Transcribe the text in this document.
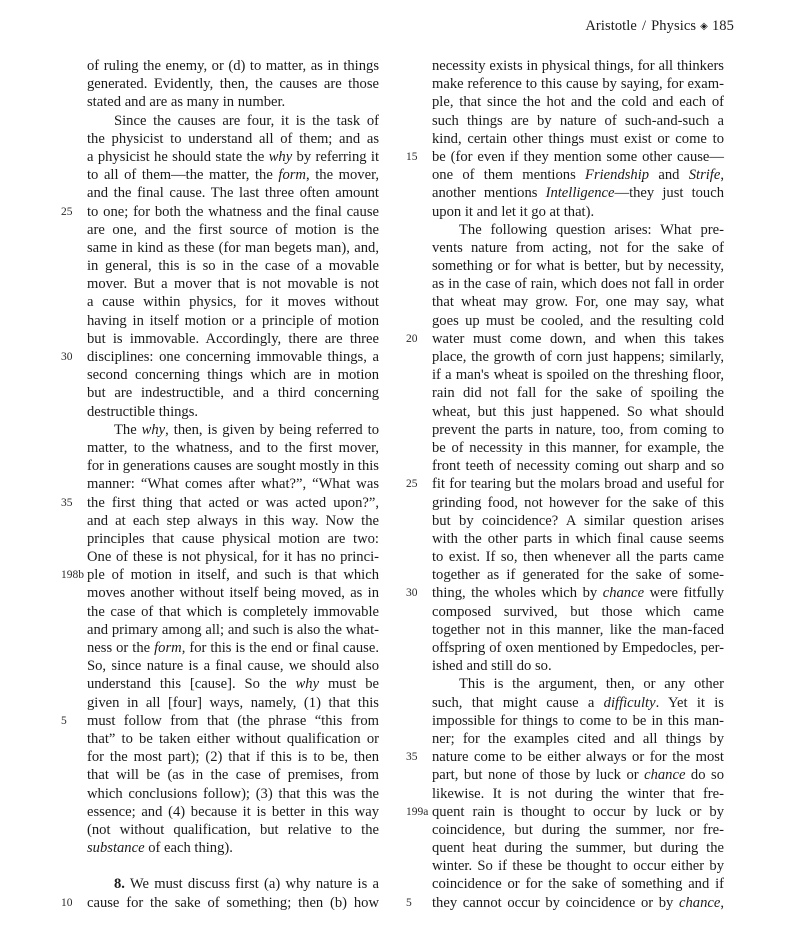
Aristotle / Physics ◈ 185
of ruling the enemy, or (d) to matter, as in things
generated. Evidently, then, the causes are those
stated and are as many in number.
Since the causes are four, it is the task of
the physicist to understand all of them; and as
a physicist he should state the why by referring it
to all of them—the matter, the form, the mover,
and the final cause. The last three often amount
25 to one; for both the whatness and the final cause
are one, and the first source of motion is the
same in kind as these (for man begets man), and,
in general, this is so in the case of a movable
mover. But a mover that is not movable is not
a cause within physics, for it moves without
having in itself motion or a principle of motion
but is immovable. Accordingly, there are three
30 disciplines: one concerning immovable things, a
second concerning things which are in motion
but are indestructible, and a third concerning
destructible things.
The why, then, is given by being referred to
matter, to the whatness, and to the first mover,
for in generations causes are sought mostly in this
manner: “What comes after what?”, “What was
35 the first thing that acted or was acted upon?”,
and at each step always in this way. Now the
principles that cause physical motion are two:
One of these is not physical, for it has no princi-
198b ple of motion in itself, and such is that which
moves another without itself being moved, as in
the case of that which is completely immovable
and primary among all; and such is also the what-
ness or the form, for this is the end or final cause.
So, since nature is a final cause, we should also
understand this [cause]. So the why must be
given in all [four] ways, namely, (1) that this
5	must follow from that (the phrase “this from
that” to be taken either without qualification or
for the most part); (2) that if this is to be, then
that will be (as in the case of premises, from
which conclusions follow); (3) that this was the
essence; and (4) because it is better in this way
(not without qualification, but relative to the
substance of each thing).
8. We must discuss first (a) why nature is a
10 cause for the sake of something; then (b) how
necessity exists in physical things, for all thinkers
make reference to this cause by saying, for exam-
ple, that since the hot and the cold and each of
such things are by nature of such-and-such a
kind, certain other things must exist or come to
15 be (for even if they mention some other cause—
one of them mentions Friendship and Strife,
another mentions Intelligence—they just touch
upon it and let it go at that).
The following question arises: What pre-
vents nature from acting, not for the sake of
something or for what is better, but by necessity,
as in the case of rain, which does not fall in order
that wheat may grow. For, one may say, what
goes up must be cooled, and the resulting cold
20 water must come down, and when this takes
place, the growth of corn just happens; similarly,
if a man's wheat is spoiled on the threshing floor,
rain did not fall for the sake of spoiling the
wheat, but this just happened. So what should
prevent the parts in nature, too, from coming to
be of necessity in this manner, for example, the
front teeth of necessity coming out sharp and so
25 fit for tearing but the molars broad and useful for
grinding food, not however for the sake of this
but by coincidence? A similar question arises
with the other parts in which final cause seems
to exist. If so, then whenever all the parts came
together as if generated for the sake of some-
30 thing, the wholes which by chance were fitfully
composed survived, but those which came
together not in this manner, like the man-faced
offspring of oxen mentioned by Empedocles, per-
ished and still do so.
This is the argument, then, or any other
such, that might cause a difficulty. Yet it is
impossible for things to come to be in this man-
ner; for the examples cited and all things by
35 nature come to be either always or for the most
part, but none of those by luck or chance do so
likewise. It is not during the winter that fre-
199a quent rain is thought to occur by luck or by
coincidence, but during the summer, nor fre-
quent heat during the summer, but during the
winter. So if these be thought to occur either by
coincidence or for the sake of something and if
5	they cannot occur by coincidence or by chance,
